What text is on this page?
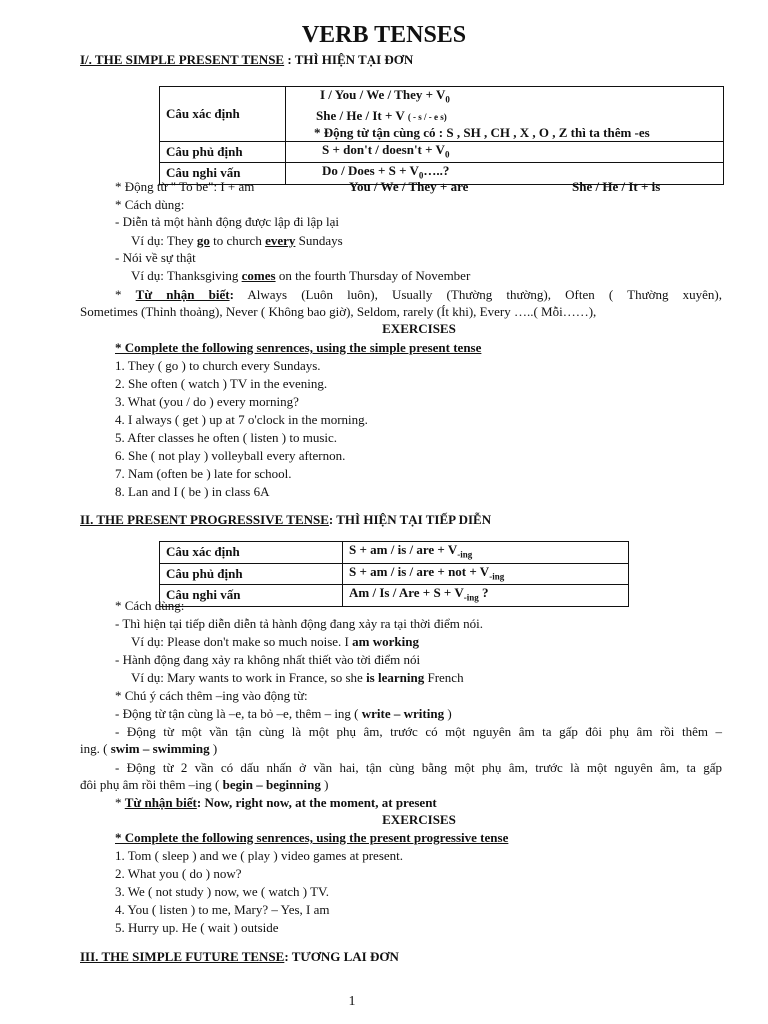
VERB TENSES
I/. THE SIMPLE PRESENT TENSE : THÌ HIỆN TẠI ĐƠN
Câu xác định	I / You / We / They + $V_0$
She / He / It + V ( - s / - e s)
* Động từ tận cùng có : S , SH , CH , X , O , Z thì ta thêm -es

Câu phủ định	S + don't / doesn't + $V_0$
Câu nghi vấn	Do / Does + $S + V_0\dots$..?
* Động từ " To be": I + am	You / We / They + are	She / He / It + is
* Cách dùng:
- Diễn tả một hành động được lập đi lập lại
Ví dụ: They go to church every Sundays
- Nói về sự thật
Ví dụ: Thanksgiving comes on the fourth Thursday of November
* Từ nhận biết: Always (Luôn luôn), Usually (Thường thường), Often ( Thường xuyên),
Sometimes (Thỉnh thoảng), Never ( Không bao giờ), Seldom, rarely (Ít khi), Every …..( Mỗi……),
EXERCISES
* Complete the following senrences, using the simple present tense
1. They ( go ) to church every Sundays.
2. She often ( watch ) TV in the evening.
3. What (you / do ) every morning?
4. I always ( get ) up at 7 o'clock in the morning.
5. After classes he often ( listen ) to music.
6. She ( not play ) volleyball every afternon.
7. Nam (often be ) late for school.
8. Lan and I ( be ) in class 6A
II. THE PRESENT PROGRESSIVE TENSE: THÌ HIỆN TẠI TIẾP DIỄN
Câu xác định	S + am / is / are + $V_{-ing}$
Câu phủ định	S + am / is / are + not + $V_{-ing}$
Câu nghi vấn	Am / Is / Are + $S + V_{-ing}$ ?
* Cách dùng:
- Thì hiện tại tiếp diễn diễn tả hành động đang xảy ra tại thời điểm nói.
Ví dụ: Please don't make so much noise. I am working
- Hành động đang xảy ra không nhất thiết vào tời điểm nói
Ví dụ: Mary wants to work in France, so she is learning French
* Chú ý cách thêm –ing vào động từ:
- Động từ tận cùng là –e, ta bỏ –e, thêm – ing ( write – writing )
- Động từ một vần tận cùng là một phụ âm, trước có một nguyên âm ta gấp đôi phụ âm rồi thêm –
ing. ( swim – swimming )
- Động từ 2 vần có dấu nhấn ở vần hai, tận cùng bằng một phụ âm, trước là một nguyên âm, ta gấp
đôi phụ âm rồi thêm –ing ( begin – beginning )
* Từ nhận biết: Now, right now, at the moment, at present
EXERCISES
* Complete the following senrences, using the present progressive tense
1. Tom ( sleep ) and we ( play ) video games at present.
2. What you ( do ) now?
3. We ( not study ) now, we ( watch ) TV.
4. You ( listen ) to me, Mary? – Yes, I am
5. Hurry up. He ( wait ) outside
III. THE SIMPLE FUTURE TENSE: TƯƠNG LAI ĐƠN
1
